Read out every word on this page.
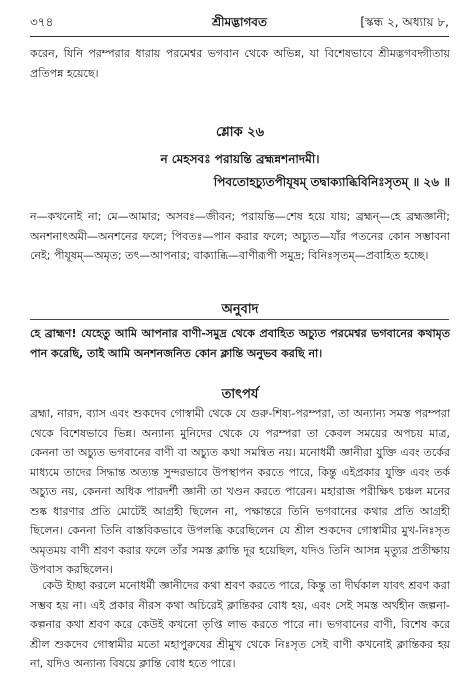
৩৭৪	শ্রীমদ্ভাগবত	[স্কন্ধ ২, অধ্যায় ৮,

করেন, যিনি পরম্পরার ধারায় পরমেশ্বর ভগবান থেকে অভিন্ন, যা বিশেষভাবে শ্রীমদ্ভগবদ্গীতায় প্রতিপন্ন হয়েছে।

শ্লোক ২৬

ন মেহসবঃ পরায়ন্তি ব্রহ্মন্নশনাদমী।

পিবতোহচ্যুতপীযূষম্ তদ্বাক্যাব্ধিবিনিঃসৃতম্ ॥ ২৬ ॥

ন—কখনোই না; মে—আমার; অসবঃ—জীবন; পরায়ন্তি—শেষ হয়ে যায়; ব্রহ্মন্—হে ব্রহ্মজ্ঞানী; অনশনাৎঅমী—অনশনের ফলে; পিবতঃ—পান করার ফলে; অচ্যুত—যাঁর পতনের কোন সম্ভাবনা নেই; পীযূষম্—অমৃত; তৎ—আপনার; বাক্যাব্ধি—বাণীরূপী সমুদ্র; বিনিঃসৃতম্—প্রবাহিত হচ্ছে।

অনুবাদ

হে ব্রাহ্মণ! যেহেতু আমি আপনার বাণী-সমুদ্র থেকে প্রবাহিত অচ্যুত পরমেশ্বর ভগবানের কথামৃত পান করেছি, তাই আমি অনশনজনিত কোন ক্লান্তি অনুভব করছি না।

তাৎপর্য

ব্রহ্মা, নারদ, ব্যাস এবং শুকদেব গোস্বামী থেকে যে গুরু-শিষ্য-পরম্পরা, তা অন্যান্য সমস্ত পরম্পরা থেকে বিশেষভাবে ভিন্ন। অন্যান্য মুনিদের থেকে যে পরম্পরা তা কেবল সময়ের অপচয় মাত্র, কেননা তা অচ্যুত ভগবানের বাণী বা অচ্যুত কথা সমন্বিত নয়। মনোধর্মী জ্ঞানীরা যুক্তি এবং তর্কের মাধ্যমে তাদের সিদ্ধান্ত অত্যন্ত সুন্দরভাবে উপস্থাপন করতে পারে, কিন্তু এইপ্রকার যুক্তি এবং তর্ক অচ্যুত নয়, কেননা অধিক পারদর্শী জ্ঞানী তা খণ্ডন করতে পারেন। মহারাজ পরীক্ষিৎ চঞ্চল মনের শুষ্ক ধারণার প্রতি মোটেই আগ্রহী ছিলেন না, পক্ষান্তরে তিনি ভগবানের কথার প্রতি আগ্রহী ছিলেন। কেননা তিনি বাস্তবিকভাবে উপলব্ধি করেছিলেন যে শ্রীল শুকদেব গোস্বামীর মুখ-নিঃসৃত অমৃতময় বাণী শ্রবণ করার ফলে তাঁর সমস্ত ক্লান্তি দূর হয়েছিল, যদিও তিনি আসন্ন মৃত্যুর প্রতীক্ষায় উপবাস করছিলেন।

কেউ ইচ্ছা করলে মনোধর্মী জ্ঞানীদের কথা শ্রবণ করতে পারে, কিন্তু তা দীর্ঘকাল যাবৎ শ্রবণ করা সম্ভব হয় না। এই প্রকার নীরস কথা অচিরেই ক্লান্তিকর বোধ হয়, এবং সেই সমস্ত অর্থহীন জল্পনা-কল্পনার কথা শ্রবণ করে কেউই কখনো তৃপ্তি লাভ করতে পারে না। ভগবানের বাণী, বিশেষ করে শ্রীল শুকদেব গোস্বামীর মতো মহাপুরুষের শ্রীমুখ থেকে নিঃসৃত সেই বাণী কখনোই ক্লান্তিকর হয় না, যদিও অন্যান্য বিষয়ে ক্লান্তি বোধ হতে পারে।
